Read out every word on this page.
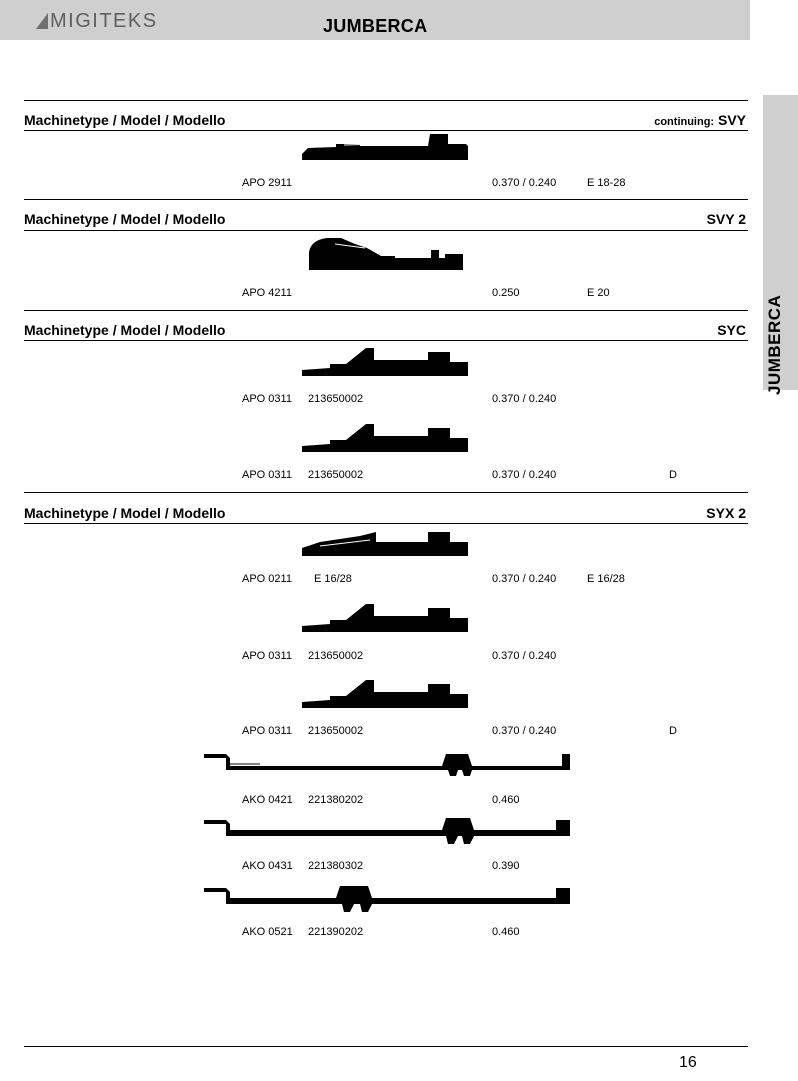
MIGITEKS	JUMBERCA
JUMBERCA
Machinetype / Model / Modello	continuing: SVY
APO 2911	0.370 / 0.240	E 18-28
Machinetype / Model / Modello	SVY 2
APO 4211	0.250	E 20
Machinetype / Model / Modello	SYC
APO 0311 213650002	0.370 / 0.240
APO 0311 213650002	0.370 / 0.240	D
Machinetype / Model / Modello	SYX 2
APO 0211 E 16/28	0.370 / 0.240	E 16/28
APO 0311 213650002	0.370 / 0.240
APO 0311 213650002	0.370 / 0.240	D
AKO 0421 221380202	0.460
AKO 0431 221380302	0.390
AKO 0521 221390202	0.460
16
